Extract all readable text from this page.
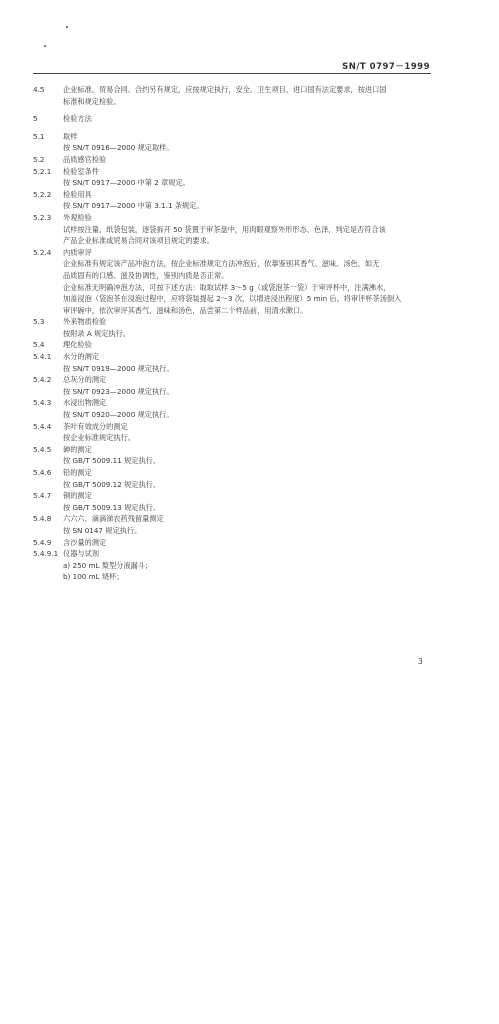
SN/T 0797－1999
4.5	企业标准、贸易合同、合约另有规定，应按规定执行，安全、卫生项目，进口国有法定要求，按进口国
标准和规定检验。
5	检验方法
5.1	取样
按 SN/T 0916—2000 规定取样。
5.2	品质感官检验
5.2.1 检验室条件
按 SN/T 0917—2000 中第 2 章规定。
5.2.2 检验用具
按 SN/T 0917—2000 中第 3.1.1 条规定。
5.2.3 外观检验
试样按注量，纸袋包装，逐袋拆开 50 袋置于审茶盘中，用肉眼观察外形形态、色泽，判定是否符合该
产品企业标准或贸易合同对该项目规定的要求。
5.2.4 内质审评
企业标准有规定该产品冲泡方法，按企业标准规定方法冲泡后，依靠鉴别其香气、滋味、汤色，如无
品质固有的口感、滋及协调性，鉴别内质是否正常。
企业标准无明确冲泡方法，可按下述方法：取取试样 3～5 g（或袋泡茶一袋）于审评杯中，注满沸水，
加盖浸泡（袋泡茶在浸泡过程中，应将袋装提起 2～3 次，以增进浸出程度）5 min 后，将审评杯茶汤倒入
审评碗中，依次审评其香气、滋味和汤色，品尝第二个样品前，用清水漱口。
5.3	外来物质检验
按附录 A 规定执行。
5.4	理化检验
5.4.1 水分的测定
按 SN/T 0919—2000 规定执行。
5.4.2 总灰分的测定
按 SN/T 0923—2000 规定执行。
5.4.3 水浸出物测定
按 SN/T 0920—2000 规定执行。
5.4.4 茶叶有效成分的测定
按企业标准规定执行。
5.4.5 砷的测定
按 GB/T 5009.11 规定执行。
5.4.6 铅的测定
按 GB/T 5009.12 规定执行。
5.4.7 铜的测定
按 GB/T 5009.13 规定执行。
5.4.8 六六六、滴滴涕农药残留量测定
按 SN 0147 规定执行。
5.4.9 含沙量的测定
5.4.9.1 仪器与试剂
a) 250 mL 梨型分液漏斗；
b) 100 mL 烧杯；
3
